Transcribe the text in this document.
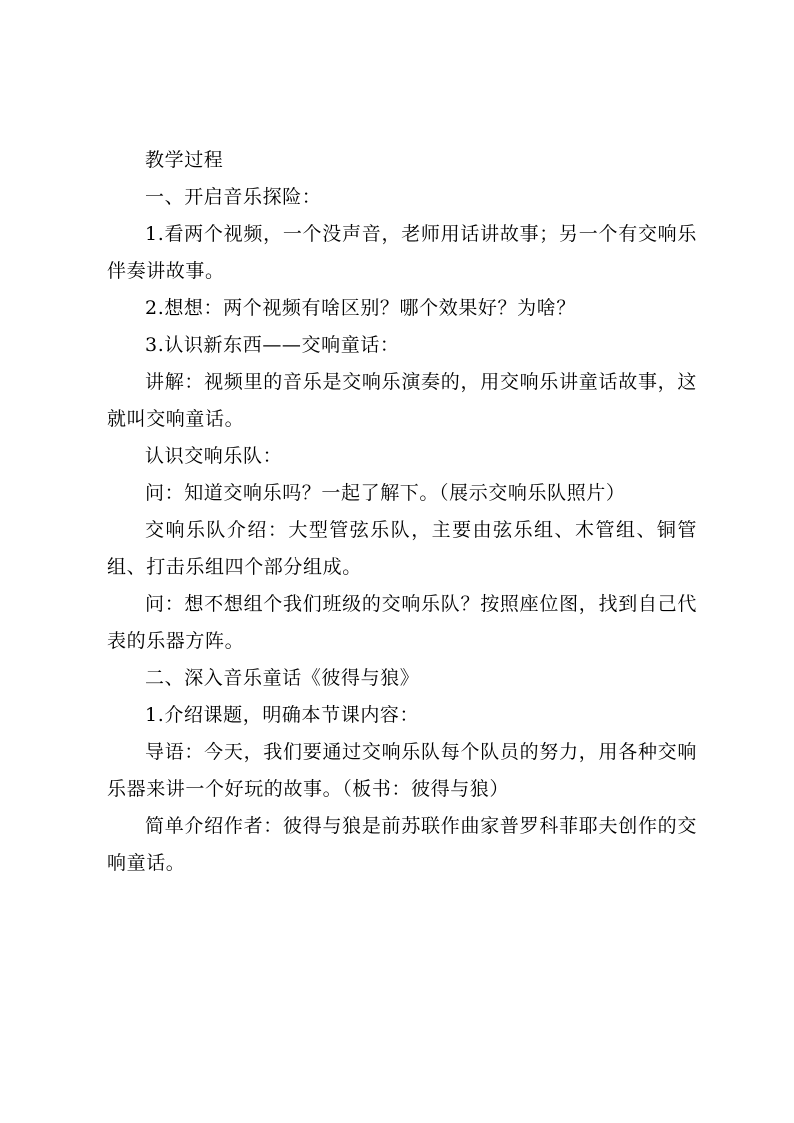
教学过程

一、开启音乐探险：

1.看两个视频，一个没声音，老师用话讲故事；另一个有交响乐伴奏讲故事。

2.想想：两个视频有啥区别？哪个效果好？为啥？

3.认识新东西——交响童话：

讲解：视频里的音乐是交响乐演奏的，用交响乐讲童话故事，这就叫交响童话。

认识交响乐队：

问：知道交响乐吗？一起了解下。（展示交响乐队照片）

交响乐队介绍：大型管弦乐队，主要由弦乐组、木管组、铜管组、打击乐组四个部分组成。

问：想不想组个我们班级的交响乐队？按照座位图，找到自己代表的乐器方阵。

二、深入音乐童话《彼得与狼》

1.介绍课题，明确本节课内容：

导语：今天，我们要通过交响乐队每个队员的努力，用各种交响乐器来讲一个好玩的故事。（板书：彼得与狼）

简单介绍作者：彼得与狼是前苏联作曲家普罗科菲耶夫创作的交响童话。
